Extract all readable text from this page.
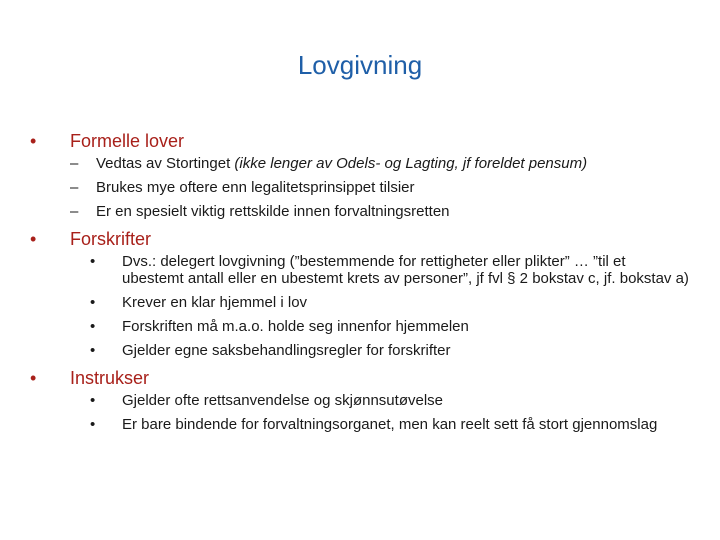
Lovgivning
•	Formelle lover
–	Vedtas av Stortinget (ikke lenger av Odels- og Lagting, jf foreldet pensum)
–	Brukes mye oftere enn legalitetsprinsippet tilsier
–	Er en spesielt viktig rettskilde innen forvaltningsretten
•	Forskrifter
•	Dvs.: delegert lovgivning (”bestemmende for rettigheter eller plikter” … ”til et ubestemt antall eller en ubestemt krets av personer”, jf fvl § 2 bokstav c, jf. bokstav a)
•	Krever en klar hjemmel i lov
•	Forskriften må m.a.o. holde seg innenfor hjemmelen
•	Gjelder egne saksbehandlingsregler for forskrifter
•	Instrukser
•	Gjelder ofte rettsanvendelse og skjønnsutøvelse
•	Er bare bindende for forvaltningsorganet, men kan reelt sett få stort gjennomslag
